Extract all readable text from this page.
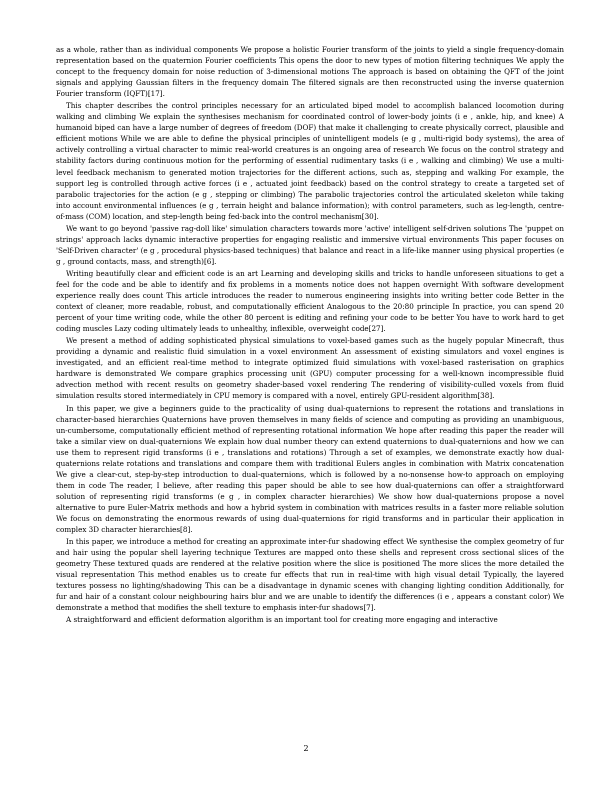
as a whole, rather than as individual components We propose a holistic Fourier transform of the joints to yield a single frequency-domain representation based on the quaternion Fourier coefficients This opens the door to new types of motion filtering techniques We apply the concept to the frequency domain for noise reduction of 3-dimensional motions The approach is based on obtaining the QFT of the joint signals and applying Gaussian filters in the frequency domain The filtered signals are then reconstructed using the inverse quaternion Fourier transform (IQFT)[17].

This chapter describes the control principles necessary for an articulated biped model to accomplish balanced locomotion during walking and climbing We explain the synthesises mechanism for coordinated control of lower-body joints (i e , ankle, hip, and knee) A humanoid biped can have a large number of degrees of freedom (DOF) that make it challenging to create physically correct, plausible and efficient motions While we are able to define the physical principles of unintelligent models (e g , multi-rigid body systems), the area of actively controlling a virtual character to mimic real-world creatures is an ongoing area of research We focus on the control strategy and stability factors during continuous motion for the performing of essential rudimentary tasks (i e , walking and climbing) We use a multi-level feedback mechanism to generated motion trajectories for the different actions, such as, stepping and walking For example, the support leg is controlled through active forces (i e , actuated joint feedback) based on the control strategy to create a targeted set of parabolic trajectories for the action (e g , stepping or climbing) The parabolic trajectories control the articulated skeleton while taking into account environmental influences (e g , terrain height and balance information); with control parameters, such as leg-length, centre-of-mass (COM) location, and step-length being fed-back into the control mechanism[30].

We want to go beyond 'passive rag-doll like' simulation characters towards more 'active' intelligent self-driven solutions The 'puppet on strings' approach lacks dynamic interactive properties for engaging realistic and immersive virtual environments This paper focuses on 'Self-Driven character' (e g , procedural physics-based techniques) that balance and react in a life-like manner using physical properties (e g , ground contacts, mass, and strength)[6].

Writing beautifully clear and efficient code is an art Learning and developing skills and tricks to handle unforeseen situations to get a feel for the code and be able to identify and fix problems in a moments notice does not happen overnight With software development experience really does count This article introduces the reader to numerous engineering insights into writing better code Better in the context of cleaner, more readable, robust, and computationally efficient Analogous to the 20:80 principle In practice, you can spend 20 percent of your time writing code, while the other 80 percent is editing and refining your code to be better You have to work hard to get coding muscles Lazy coding ultimately leads to unhealthy, inflexible, overweight code[27].

We present a method of adding sophisticated physical simulations to voxel-based games such as the hugely popular Minecraft, thus providing a dynamic and realistic fluid simulation in a voxel environment An assessment of existing simulators and voxel engines is investigated, and an efficient real-time method to integrate optimized fluid simulations with voxel-based rasterisation on graphics hardware is demonstrated We compare graphics processing unit (GPU) computer processing for a well-known incompressible fluid advection method with recent results on geometry shader-based voxel rendering The rendering of visibility-culled voxels from fluid simulation results stored intermediately in CPU memory is compared with a novel, entirely GPU-resident algorithm[38].

In this paper, we give a beginners guide to the practicality of using dual-quaternions to represent the rotations and translations in character-based hierarchies Quaternions have proven themselves in many fields of science and computing as providing an unambiguous, un-cumbersome, computationally efficient method of representing rotational information We hope after reading this paper the reader will take a similar view on dual-quaternions We explain how dual number theory can extend quaternions to dual-quaternions and how we can use them to represent rigid transforms (i e , translations and rotations) Through a set of examples, we demonstrate exactly how dual-quaternions relate rotations and translations and compare them with traditional Eulers angles in combination with Matrix concatenation We give a clear-cut, step-by-step introduction to dual-quaternions, which is followed by a no-nonsense how-to approach on employing them in code The reader, I believe, after reading this paper should be able to see how dual-quaternions can offer a straightforward solution of representing rigid transforms (e g , in complex character hierarchies) We show how dual-quaternions propose a novel alternative to pure Euler-Matrix methods and how a hybrid system in combination with matrices results in a faster more reliable solution We focus on demonstrating the enormous rewards of using dual-quaternions for rigid transforms and in particular their application in complex 3D character hierarchies[8].

In this paper, we introduce a method for creating an approximate inter-fur shadowing effect We synthesise the complex geometry of fur and hair using the popular shell layering technique Textures are mapped onto these shells and represent cross sectional slices of the geometry These textured quads are rendered at the relative position where the slice is positioned The more slices the more detailed the visual representation This method enables us to create fur effects that run in real-time with high visual detail Typically, the layered textures possess no lighting/shadowing This can be a disadvantage in dynamic scenes with changing lighting condition Additionally, for fur and hair of a constant colour neighbouring hairs blur and we are unable to identify the differences (i e , appears a constant color) We demonstrate a method that modifies the shell texture to emphasis inter-fur shadows[7].

A straightforward and efficient deformation algorithm is an important tool for creating more engaging and interactive

2
